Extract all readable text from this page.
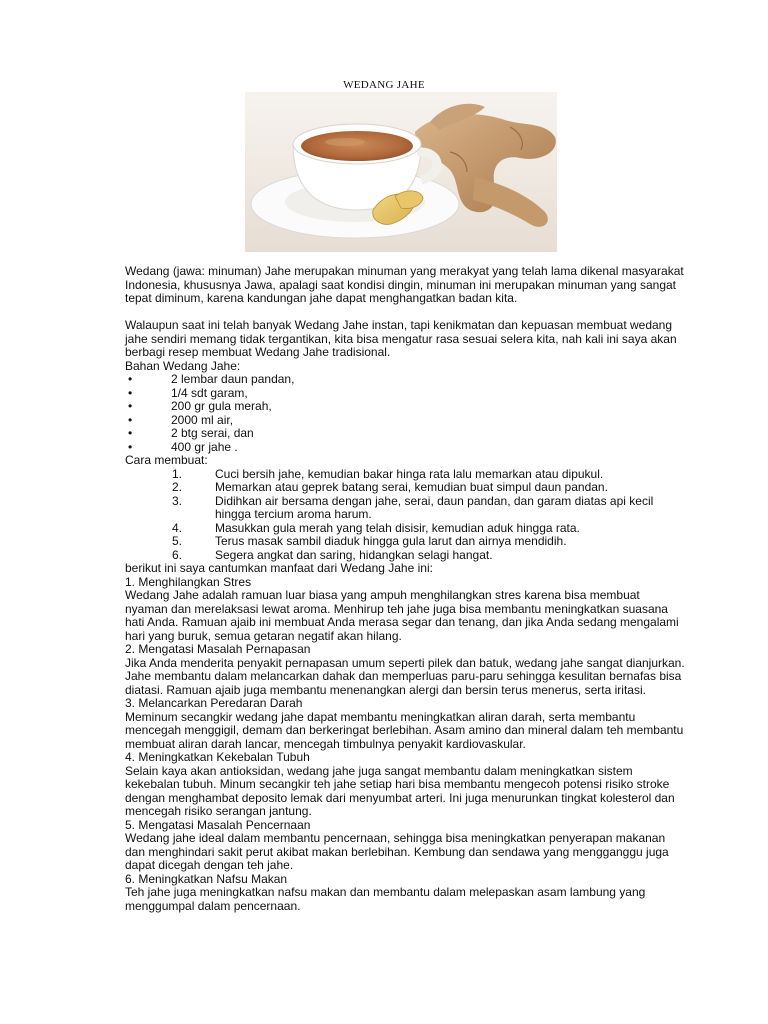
WEDANG JAHE

Wedang (jawa: minuman) Jahe merupakan minuman yang merakyat yang telah lama dikenal masyarakat Indonesia, khususnya Jawa, apalagi saat kondisi dingin, minuman ini merupakan minuman yang sangat tepat diminum, karena kandungan jahe dapat menghangatkan badan kita.

Walaupun saat ini telah banyak Wedang Jahe instan, tapi kenikmatan dan kepuasan membuat wedang jahe sendiri memang tidak tergantikan, kita bisa mengatur rasa sesuai selera kita, nah kali ini saya akan berbagi resep membuat Wedang Jahe tradisional.

Bahan Wedang Jahe:

•	2 lembar daun pandan,
•	1/4 sdt garam,
•	200 gr gula merah,
•	2000 ml air,
•	2 btg serai, dan
•	400 gr jahe .

Cara membuat:

1.	Cuci bersih jahe, kemudian bakar hinga rata lalu memarkan atau dipukul.
2.	Memarkan atau geprek batang serai, kemudian buat simpul daun pandan.
3.	Didihkan air bersama dengan jahe, serai, daun pandan, dan garam diatas api kecil hingga tercium aroma harum.
4.	Masukkan gula merah yang telah disisir, kemudian aduk hingga rata.
5.	Terus masak sambil diaduk hingga gula larut dan airnya mendidih.
6.	Segera angkat dan saring, hidangkan selagi hangat.

berikut ini saya cantumkan manfaat dari Wedang Jahe ini:

1. Menghilangkan Stres

Wedang Jahe adalah ramuan luar biasa yang ampuh menghilangkan stres karena bisa membuat nyaman dan merelaksasi lewat aroma. Menhirup teh jahe juga bisa membantu meningkatkan suasana hati Anda. Ramuan ajaib ini membuat Anda merasa segar dan tenang, dan jika Anda sedang mengalami hari yang buruk, semua getaran negatif akan hilang.

2. Mengatasi Masalah Pernapasan

Jika Anda menderita penyakit pernapasan umum seperti pilek dan batuk, wedang jahe sangat dianjurkan. Jahe membantu dalam melancarkan dahak dan memperluas paru-paru sehingga kesulitan bernafas bisa diatasi. Ramuan ajaib juga membantu menenangkan alergi dan bersin terus menerus, serta iritasi.

3. Melancarkan Peredaran Darah

Meminum secangkir wedang jahe dapat membantu meningkatkan aliran darah, serta membantu mencegah menggigil, demam dan berkeringat berlebihan. Asam amino dan mineral dalam teh membantu membuat aliran darah lancar, mencegah timbulnya penyakit kardiovaskular.

4. Meningkatkan Kekebalan Tubuh

Selain kaya akan antioksidan, wedang jahe juga sangat membantu dalam meningkatkan sistem kekebalan tubuh. Minum secangkir teh jahe setiap hari bisa membantu mengecoh potensi risiko stroke dengan menghambat deposito lemak dari menyumbat arteri. Ini juga menurunkan tingkat kolesterol dan mencegah risiko serangan jantung.

5. Mengatasi Masalah Pencernaan

Wedang jahe ideal dalam membantu pencernaan, sehingga bisa meningkatkan penyerapan makanan dan menghindari sakit perut akibat makan berlebihan. Kembung dan sendawa yang mengganggu juga dapat dicegah dengan teh jahe.

6. Meningkatkan Nafsu Makan

Teh jahe juga meningkatkan nafsu makan dan membantu dalam melepaskan asam lambung yang menggumpal dalam pencernaan.
